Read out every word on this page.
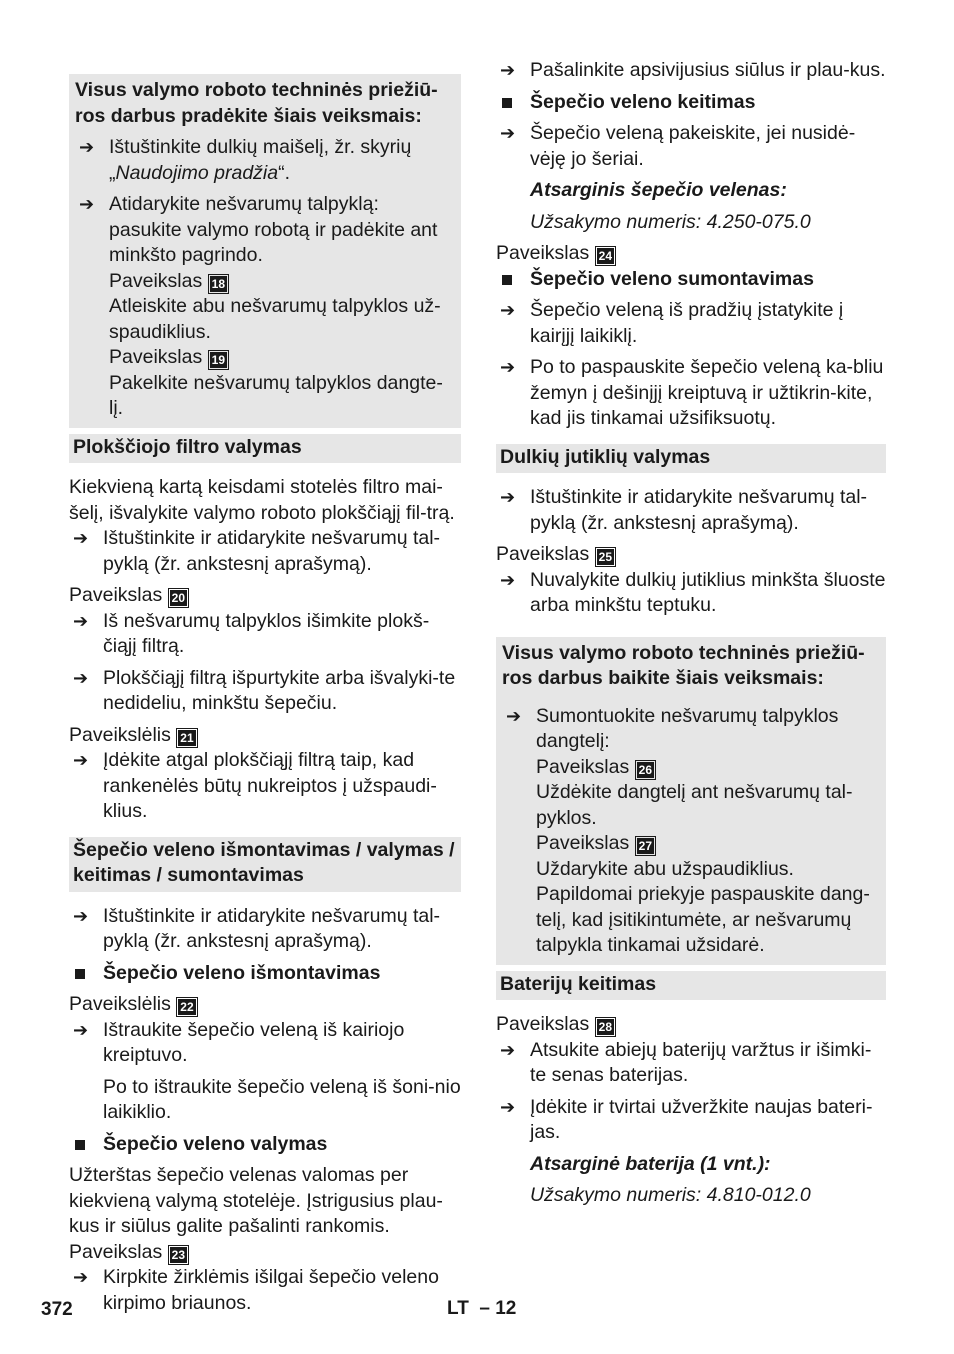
Visus valymo roboto techninės priežiū-ros darbus pradėkite šiais veiksmais:
➔ Ištuštinkite dulkių maišelį, žr. skyrių „Naudojimo pradžia“.
➔ Atidarykite nešvarumų talpyklą: pasukite valymo robotą ir padėkite ant minkšto pagrindo.
Paveikslas 18
Atleiskite abu nešvarumų talpyklos už-spaudiklius.
Paveikslas 19
Pakelkite nešvarumų talpyklos dangte-lį.
Plokščiojo filtro valymas
Kiekvieną kartą keisdami stotelės filtro mai-šelį, išvalykite valymo roboto plokščiąjį fil-trą.
➔ Ištuštinkite ir atidarykite nešvarumų tal-pyklą (žr. ankstesnį aprašymą).
Paveikslas 20
➔ Iš nešvarumų talpyklos išimkite plokš-čiąjį filtrą.
➔ Plokščiąjį filtrą išpurtykite arba išvalyki-te nedideliu, minkštu šepečiu.
Paveikslėlis 21
➔ Įdėkite atgal plokščiąjį filtrą taip, kad rankenėlės būtų nukreiptos į užspaudi-klius.
Šepečio veleno išmontavimas / valymas / keitimas / sumontavimas
➔ Ištuštinkite ir atidarykite nešvarumų tal-pyklą (žr. ankstesnį aprašymą).
Šepečio veleno išmontavimas
Paveikslėlis 22
➔ Ištraukite šepečio veleną iš kairiojo kreiptuvo.
Po to ištraukite šepečio veleną iš šoni-nio laikiklio.
Šepečio veleno valymas
Užterštas šepečio velenas valomas per kiekvieną valymą stotelėje. Įstrigusius plau-kus ir siūlus galite pašalinti rankomis.
Paveikslas 23
➔ Kirpkite žirklėmis išilgai šepečio veleno kirpimo briaunos.
➔ Pašalinkite apsivijusius siūlus ir plau-kus.
Šepečio veleno keitimas
➔ Šepečio veleną pakeiskite, jei nusidė-vėję jo šeriai.
Atsarginis šepečio velenas:
Užsakymo numeris: 4.250-075.0
Paveikslas 24
Šepečio veleno sumontavimas
➔ Šepečio veleną iš pradžių įstatykite į kairįjį laikiklį.
➔ Po to paspauskite šepečio veleną ka-bliu žemyn į dešinįjį kreiptuvą ir užtikrin-kite, kad jis tinkamai užsifiksuotų.
Dulkių jutiklių valymas
➔ Ištuštinkite ir atidarykite nešvarumų tal-pyklą (žr. ankstesnį aprašymą).
Paveikslas 25
➔ Nuvalykite dulkių jutiklius minkšta šluoste arba minkštu teptuku.
Visus valymo roboto techninės priežiū-ros darbus baikite šiais veiksmais:
➔ Sumontuokite nešvarumų talpyklos dangtelį:
Paveikslas 26
Uždėkite dangtelį ant nešvarumų tal-pyklos.
Paveikslas 27
Uždarykite abu užspaudiklius.
Papildomai priekyje paspauskite dang-telį, kad įsitikintumėte, ar nešvarumų talpykla tinkamai užsidarė.
Baterijų keitimas
Paveikslas 28
➔ Atsukite abiejų baterijų varžtus ir išimki-te senas baterijas.
➔ Įdėkite ir tvirtai užveržkite naujas bateri-jas.
Atsarginė baterija (1 vnt.):
Užsakymo numeris: 4.810-012.0
372	LT  – 12
